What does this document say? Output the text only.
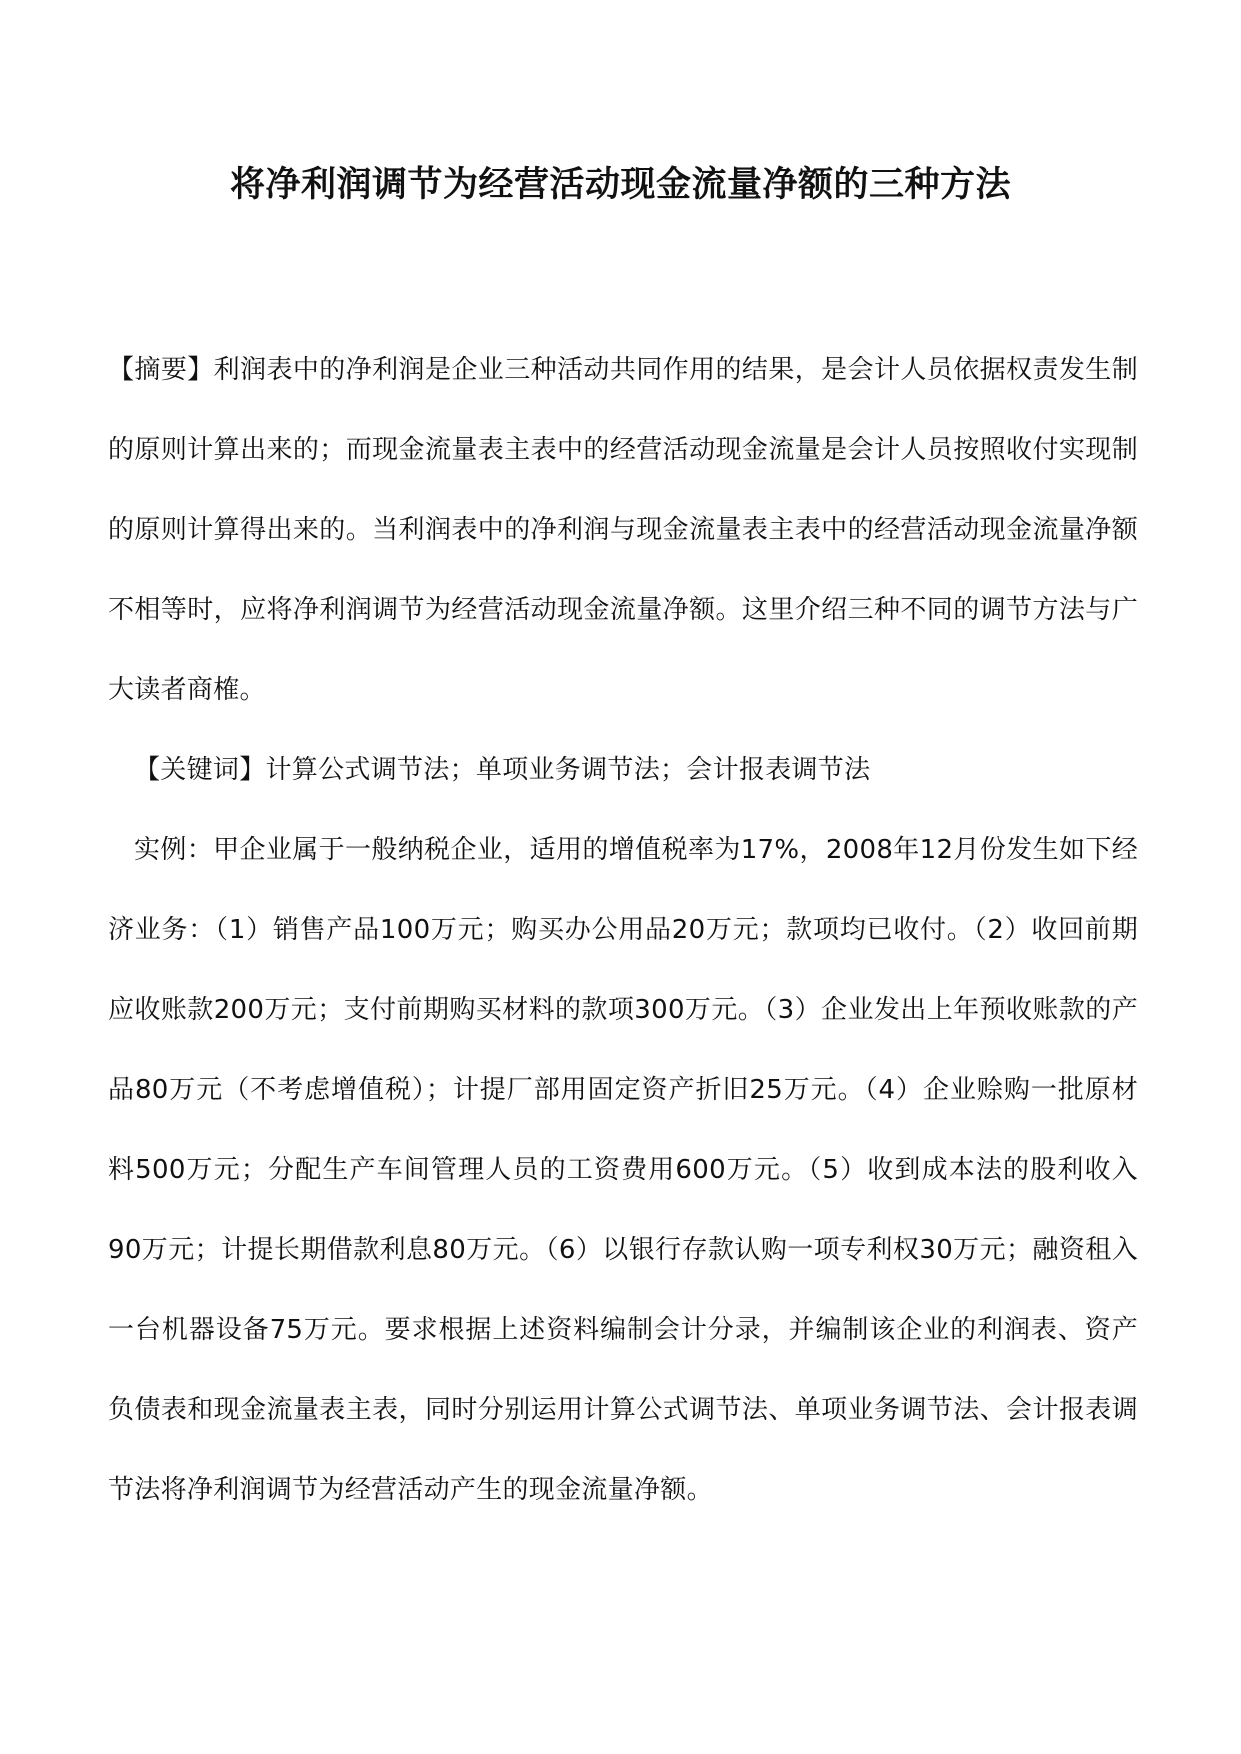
将净利润调节为经营活动现金流量净额的三种方法

【摘要】利润表中的净利润是企业三种活动共同作用的结果，是会计人员依据权责发生制的原则计算出来的；而现金流量表主表中的经营活动现金流量是会计人员按照收付实现制的原则计算得出来的。当利润表中的净利润与现金流量表主表中的经营活动现金流量净额不相等时，应将净利润调节为经营活动现金流量净额。这里介绍三种不同的调节方法与广大读者商榷。

【关键词】计算公式调节法；单项业务调节法；会计报表调节法

实例：甲企业属于一般纳税企业，适用的增值税率为17%，2008年12月份发生如下经济业务：（1）销售产品100万元；购买办公用品20万元；款项均已收付。（2）收回前期应收账款200万元；支付前期购买材料的款项300万元。（3）企业发出上年预收账款的产品80万元（不考虑增值税）；计提厂部用固定资产折旧25万元。（4）企业赊购一批原材料500万元；分配生产车间管理人员的工资费用600万元。（5）收到成本法的股利收入90万元；计提长期借款利息80万元。（6）以银行存款认购一项专利权30万元；融资租入一台机器设备75万元。要求根据上述资料编制会计分录，并编制该企业的利润表、资产负债表和现金流量表主表，同时分别运用计算公式调节法、单项业务调节法、会计报表调节法将净利润调节为经营活动产生的现金流量净额。
